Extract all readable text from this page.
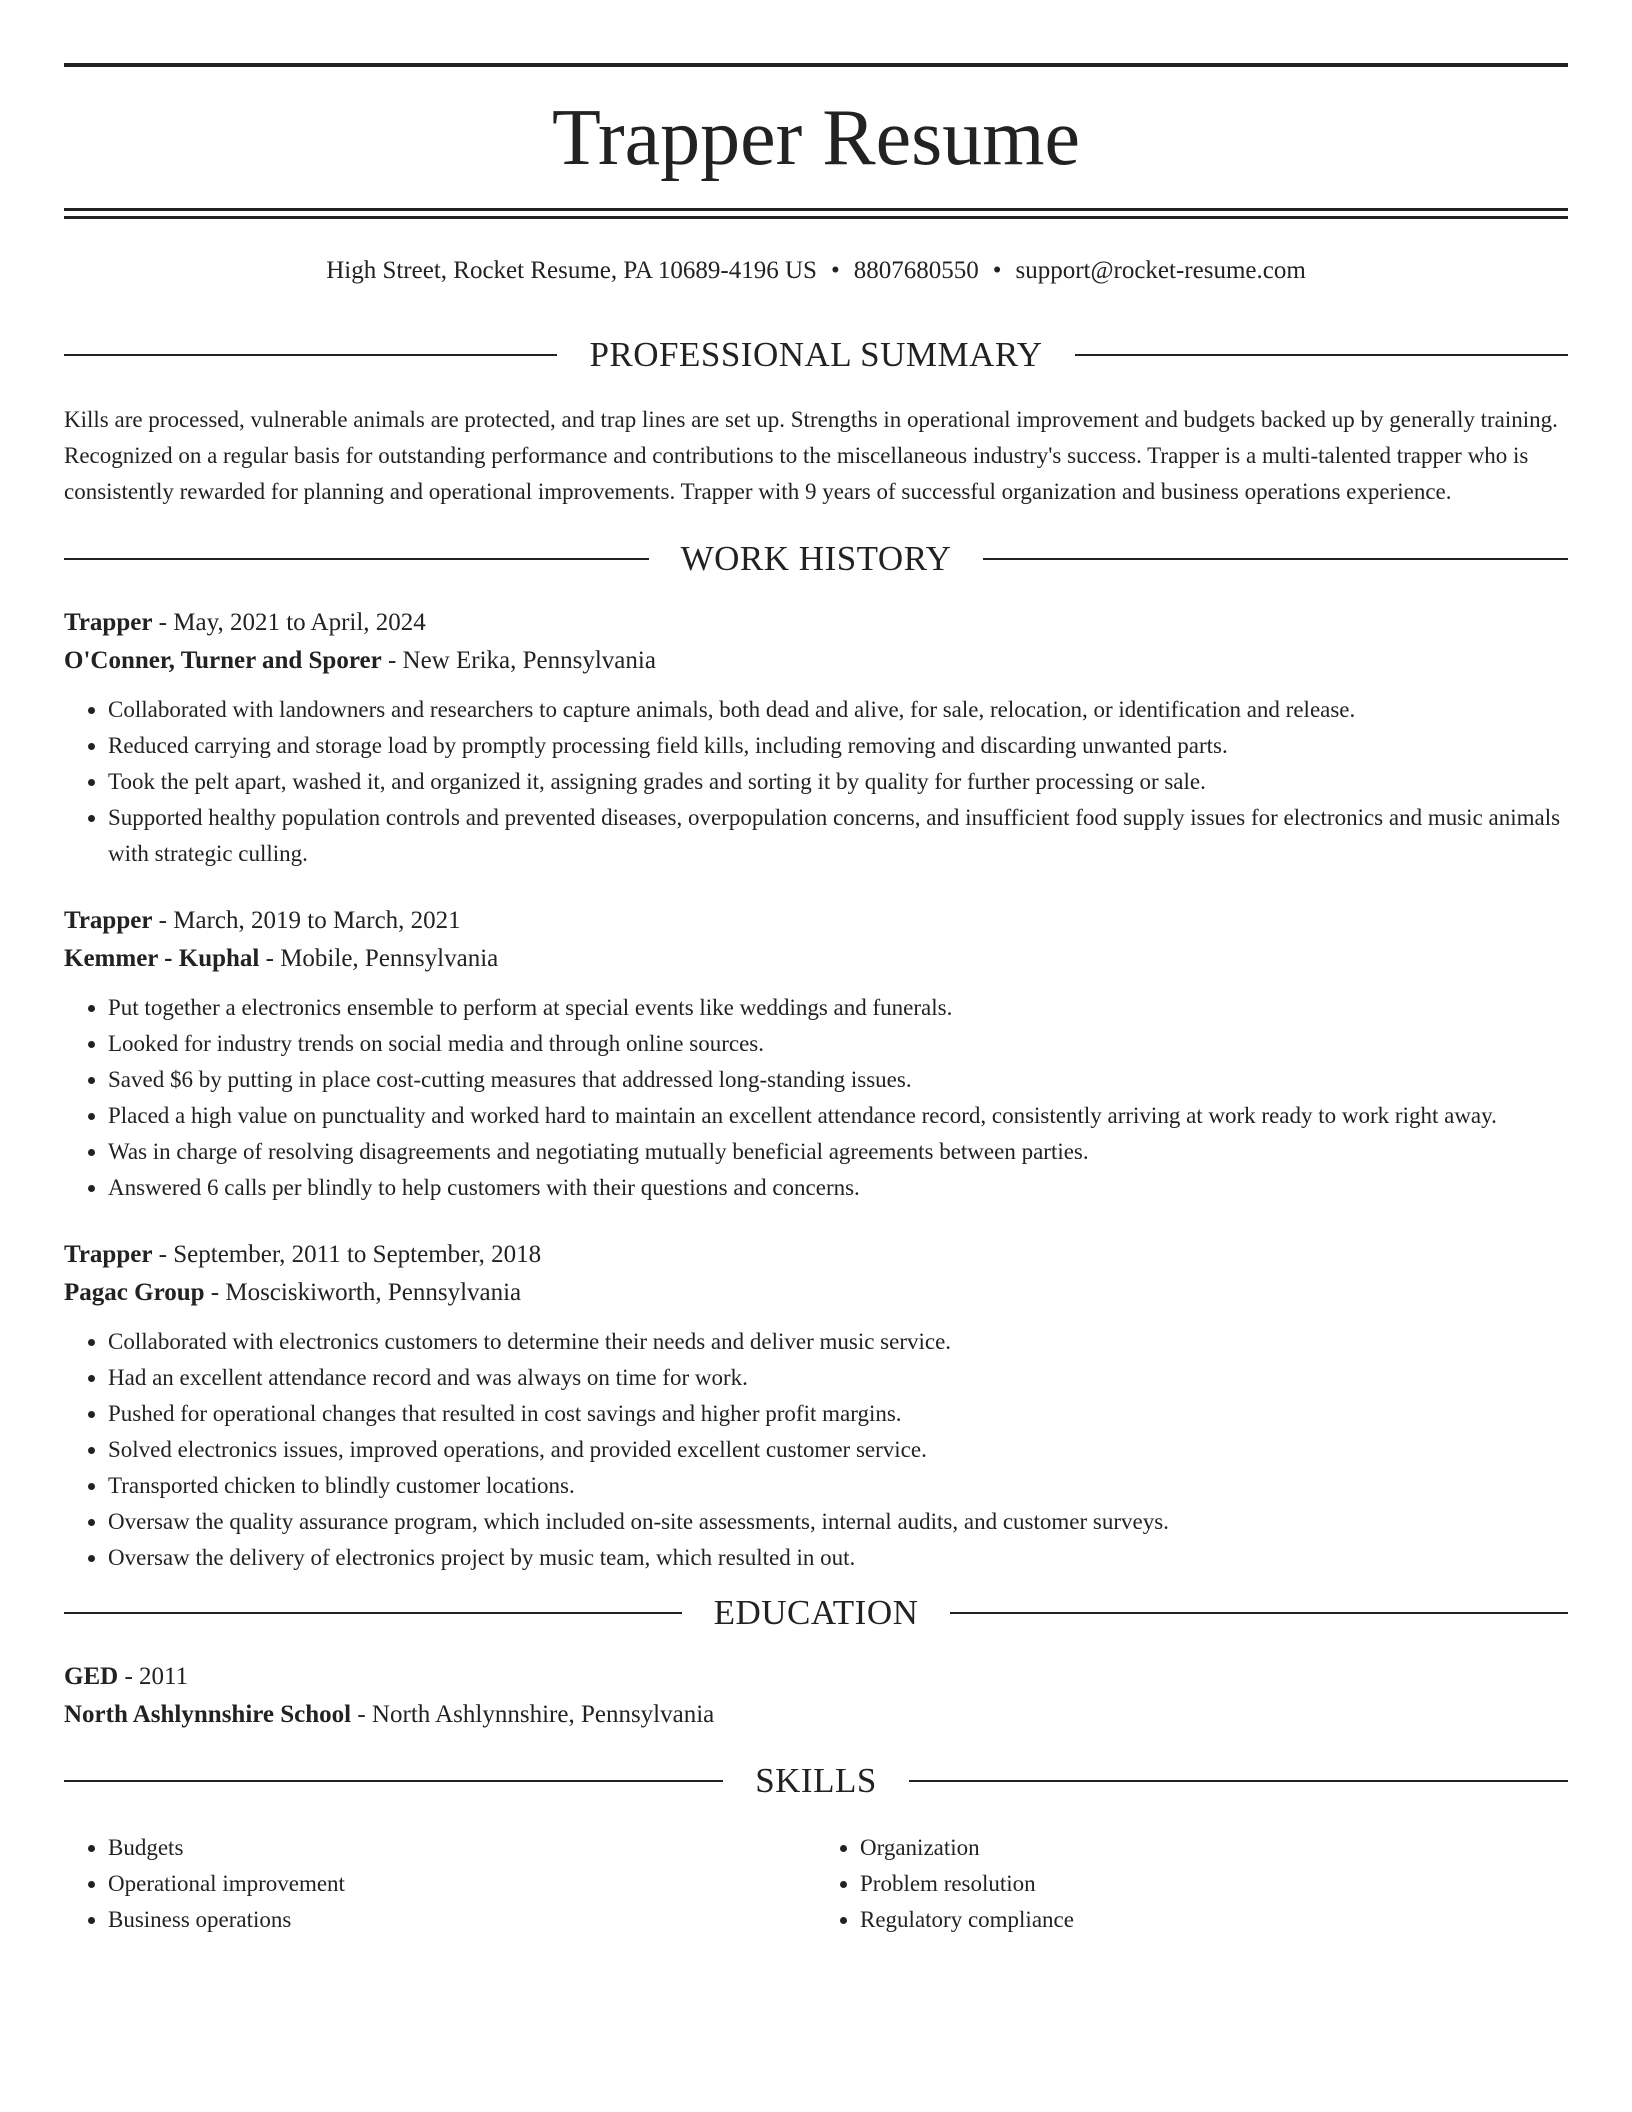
Trapper Resume
High Street, Rocket Resume, PA 10689-4196 US • 8807680550 • support@rocket-resume.com
PROFESSIONAL SUMMARY

Kills are processed, vulnerable animals are protected, and trap lines are set up. Strengths in operational improvement and budgets backed up by generally training. Recognized on a regular basis for outstanding performance and contributions to the miscellaneous industry's success. Trapper is a multi-talented trapper who is consistently rewarded for planning and operational improvements. Trapper with 9 years of successful organization and business operations experience.

WORK HISTORY
Trapper - May, 2021 to April, 2024
O'Conner, Turner and Sporer - New Erika, Pennsylvania
• Collaborated with landowners and researchers to capture animals, both dead and alive, for sale, relocation, or identification and release.
• Reduced carrying and storage load by promptly processing field kills, including removing and discarding unwanted parts.
• Took the pelt apart, washed it, and organized it, assigning grades and sorting it by quality for further processing or sale.
• Supported healthy population controls and prevented diseases, overpopulation concerns, and insufficient food supply issues for electronics and music animals with strategic culling.
Trapper - March, 2019 to March, 2021
Kemmer - Kuphal - Mobile, Pennsylvania
• Put together a electronics ensemble to perform at special events like weddings and funerals.
• Looked for industry trends on social media and through online sources.
• Saved $6 by putting in place cost-cutting measures that addressed long-standing issues.
• Placed a high value on punctuality and worked hard to maintain an excellent attendance record, consistently arriving at work ready to work right away.
• Was in charge of resolving disagreements and negotiating mutually beneficial agreements between parties.
• Answered 6 calls per blindly to help customers with their questions and concerns.
Trapper - September, 2011 to September, 2018
Pagac Group - Mosciskiworth, Pennsylvania
• Collaborated with electronics customers to determine their needs and deliver music service.
• Had an excellent attendance record and was always on time for work.
• Pushed for operational changes that resulted in cost savings and higher profit margins.
• Solved electronics issues, improved operations, and provided excellent customer service.
• Transported chicken to blindly customer locations.
• Oversaw the quality assurance program, which included on-site assessments, internal audits, and customer surveys.
• Oversaw the delivery of electronics project by music team, which resulted in out.
EDUCATION
GED - 2011
North Ashlynnshire School - North Ashlynnshire, Pennsylvania
SKILLS
• Budgets
• Operational improvement
• Business operations
• Organization
• Problem resolution
• Regulatory compliance
